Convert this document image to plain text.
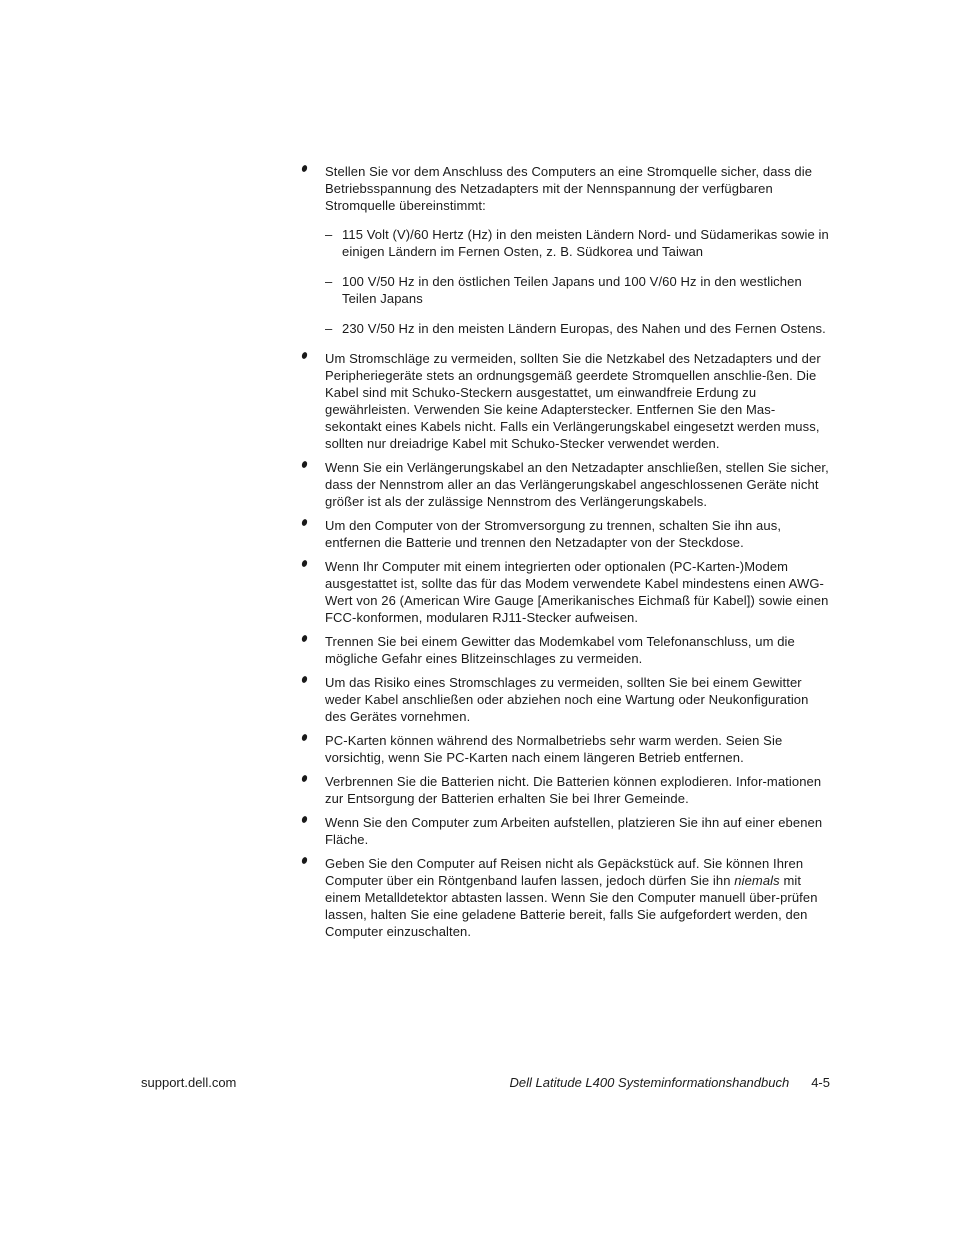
Stellen Sie vor dem Anschluss des Computers an eine Stromquelle sicher, dass die Betriebsspannung des Netzadapters mit der Nennspannung der verfügbaren Stromquelle übereinstimmt:
– 115 Volt (V)/60 Hertz (Hz) in den meisten Ländern Nord- und Südamerikas sowie in einigen Ländern im Fernen Osten, z. B. Südkorea und Taiwan
– 100 V/50 Hz in den östlichen Teilen Japans und 100 V/60 Hz in den westlichen Teilen Japans
– 230 V/50 Hz in den meisten Ländern Europas, des Nahen und des Fernen Ostens.
Um Stromschläge zu vermeiden, sollten Sie die Netzkabel des Netzadapters und der Peripheriegeräte stets an ordnungsgemäß geerdete Stromquellen anschlie-ßen. Die Kabel sind mit Schuko-Steckern ausgestattet, um einwandfreie Erdung zu gewährleisten. Verwenden Sie keine Adapterstecker. Entfernen Sie den Mas-sekontakt eines Kabels nicht. Falls ein Verlängerungskabel eingesetzt werden muss, sollten nur dreiadrige Kabel mit Schuko-Stecker verwendet werden.
Wenn Sie ein Verlängerungskabel an den Netzadapter anschließen, stellen Sie sicher, dass der Nennstrom aller an das Verlängerungskabel angeschlossenen Geräte nicht größer ist als der zulässige Nennstrom des Verlängerungskabels.
Um den Computer von der Stromversorgung zu trennen, schalten Sie ihn aus, entfernen die Batterie und trennen den Netzadapter von der Steckdose.
Wenn Ihr Computer mit einem integrierten oder optionalen (PC-Karten-)Modem ausgestattet ist, sollte das für das Modem verwendete Kabel mindestens einen AWG-Wert von 26 (American Wire Gauge [Amerikanisches Eichmaß für Kabel]) sowie einen FCC-konformen, modularen RJ11-Stecker aufweisen.
Trennen Sie bei einem Gewitter das Modemkabel vom Telefonanschluss, um die mögliche Gefahr eines Blitzeinschlages zu vermeiden.
Um das Risiko eines Stromschlages zu vermeiden, sollten Sie bei einem Gewitter weder Kabel anschließen oder abziehen noch eine Wartung oder Neukonfiguration des Gerätes vornehmen.
PC-Karten können während des Normalbetriebs sehr warm werden. Seien Sie vorsichtig, wenn Sie PC-Karten nach einem längeren Betrieb entfernen.
Verbrennen Sie die Batterien nicht. Die Batterien können explodieren. Infor-mationen zur Entsorgung der Batterien erhalten Sie bei Ihrer Gemeinde.
Wenn Sie den Computer zum Arbeiten aufstellen, platzieren Sie ihn auf einer ebenen Fläche.
Geben Sie den Computer auf Reisen nicht als Gepäckstück auf. Sie können Ihren Computer über ein Röntgenband laufen lassen, jedoch dürfen Sie ihn niemals mit einem Metalldetektor abtasten lassen. Wenn Sie den Computer manuell über-prüfen lassen, halten Sie eine geladene Batterie bereit, falls Sie aufgefordert werden, den Computer einzuschalten.
support.dell.com	Dell Latitude L400 Systeminformationshandbuch 4-5
